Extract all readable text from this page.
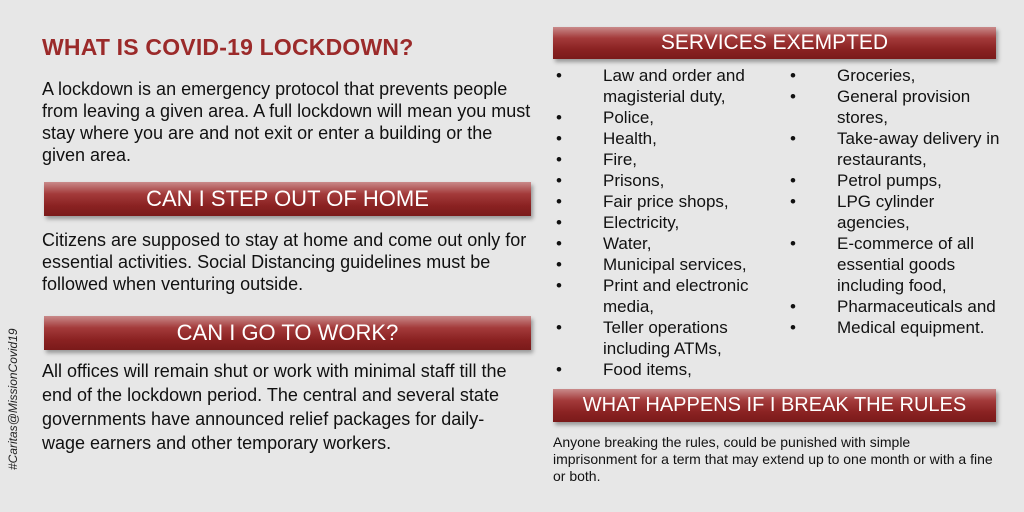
#Caritas@MissionCovid19
WHAT IS COVID-19 LOCKDOWN?

A lockdown is an emergency protocol that prevents people from leaving a given area. A full lockdown will mean you must stay where you are and not exit or enter a building or the given area.

CAN I STEP OUT OF HOME

Citizens are supposed to stay at home and come out only for essential activities. Social Distancing guidelines must be followed when venturing outside.

CAN I GO TO WORK?

All offices will remain shut or work with minimal staff till the end of the lockdown period. The central and several state governments have announced relief packages for daily-wage earners and other temporary workers.

SERVICES EXEMPTED
• Law and order and magisterial duty,
• Police,
• Health,
• Fire,
• Prisons,
• Fair price shops,
• Electricity,
• Water,
• Municipal services,
• Print and electronic media,
• Teller operations including ATMs,
• Food items,
• Groceries,
• General provision stores,
• Take-away delivery in restaurants,
• Petrol pumps,
• LPG cylinder agencies,
• E-commerce of all essential goods including food,
• Pharmaceuticals and
• Medical equipment.
WHAT HAPPENS IF I BREAK THE RULES

Anyone breaking the rules, could be punished with simple imprisonment for a term that may extend up to one month or with a fine or both.
